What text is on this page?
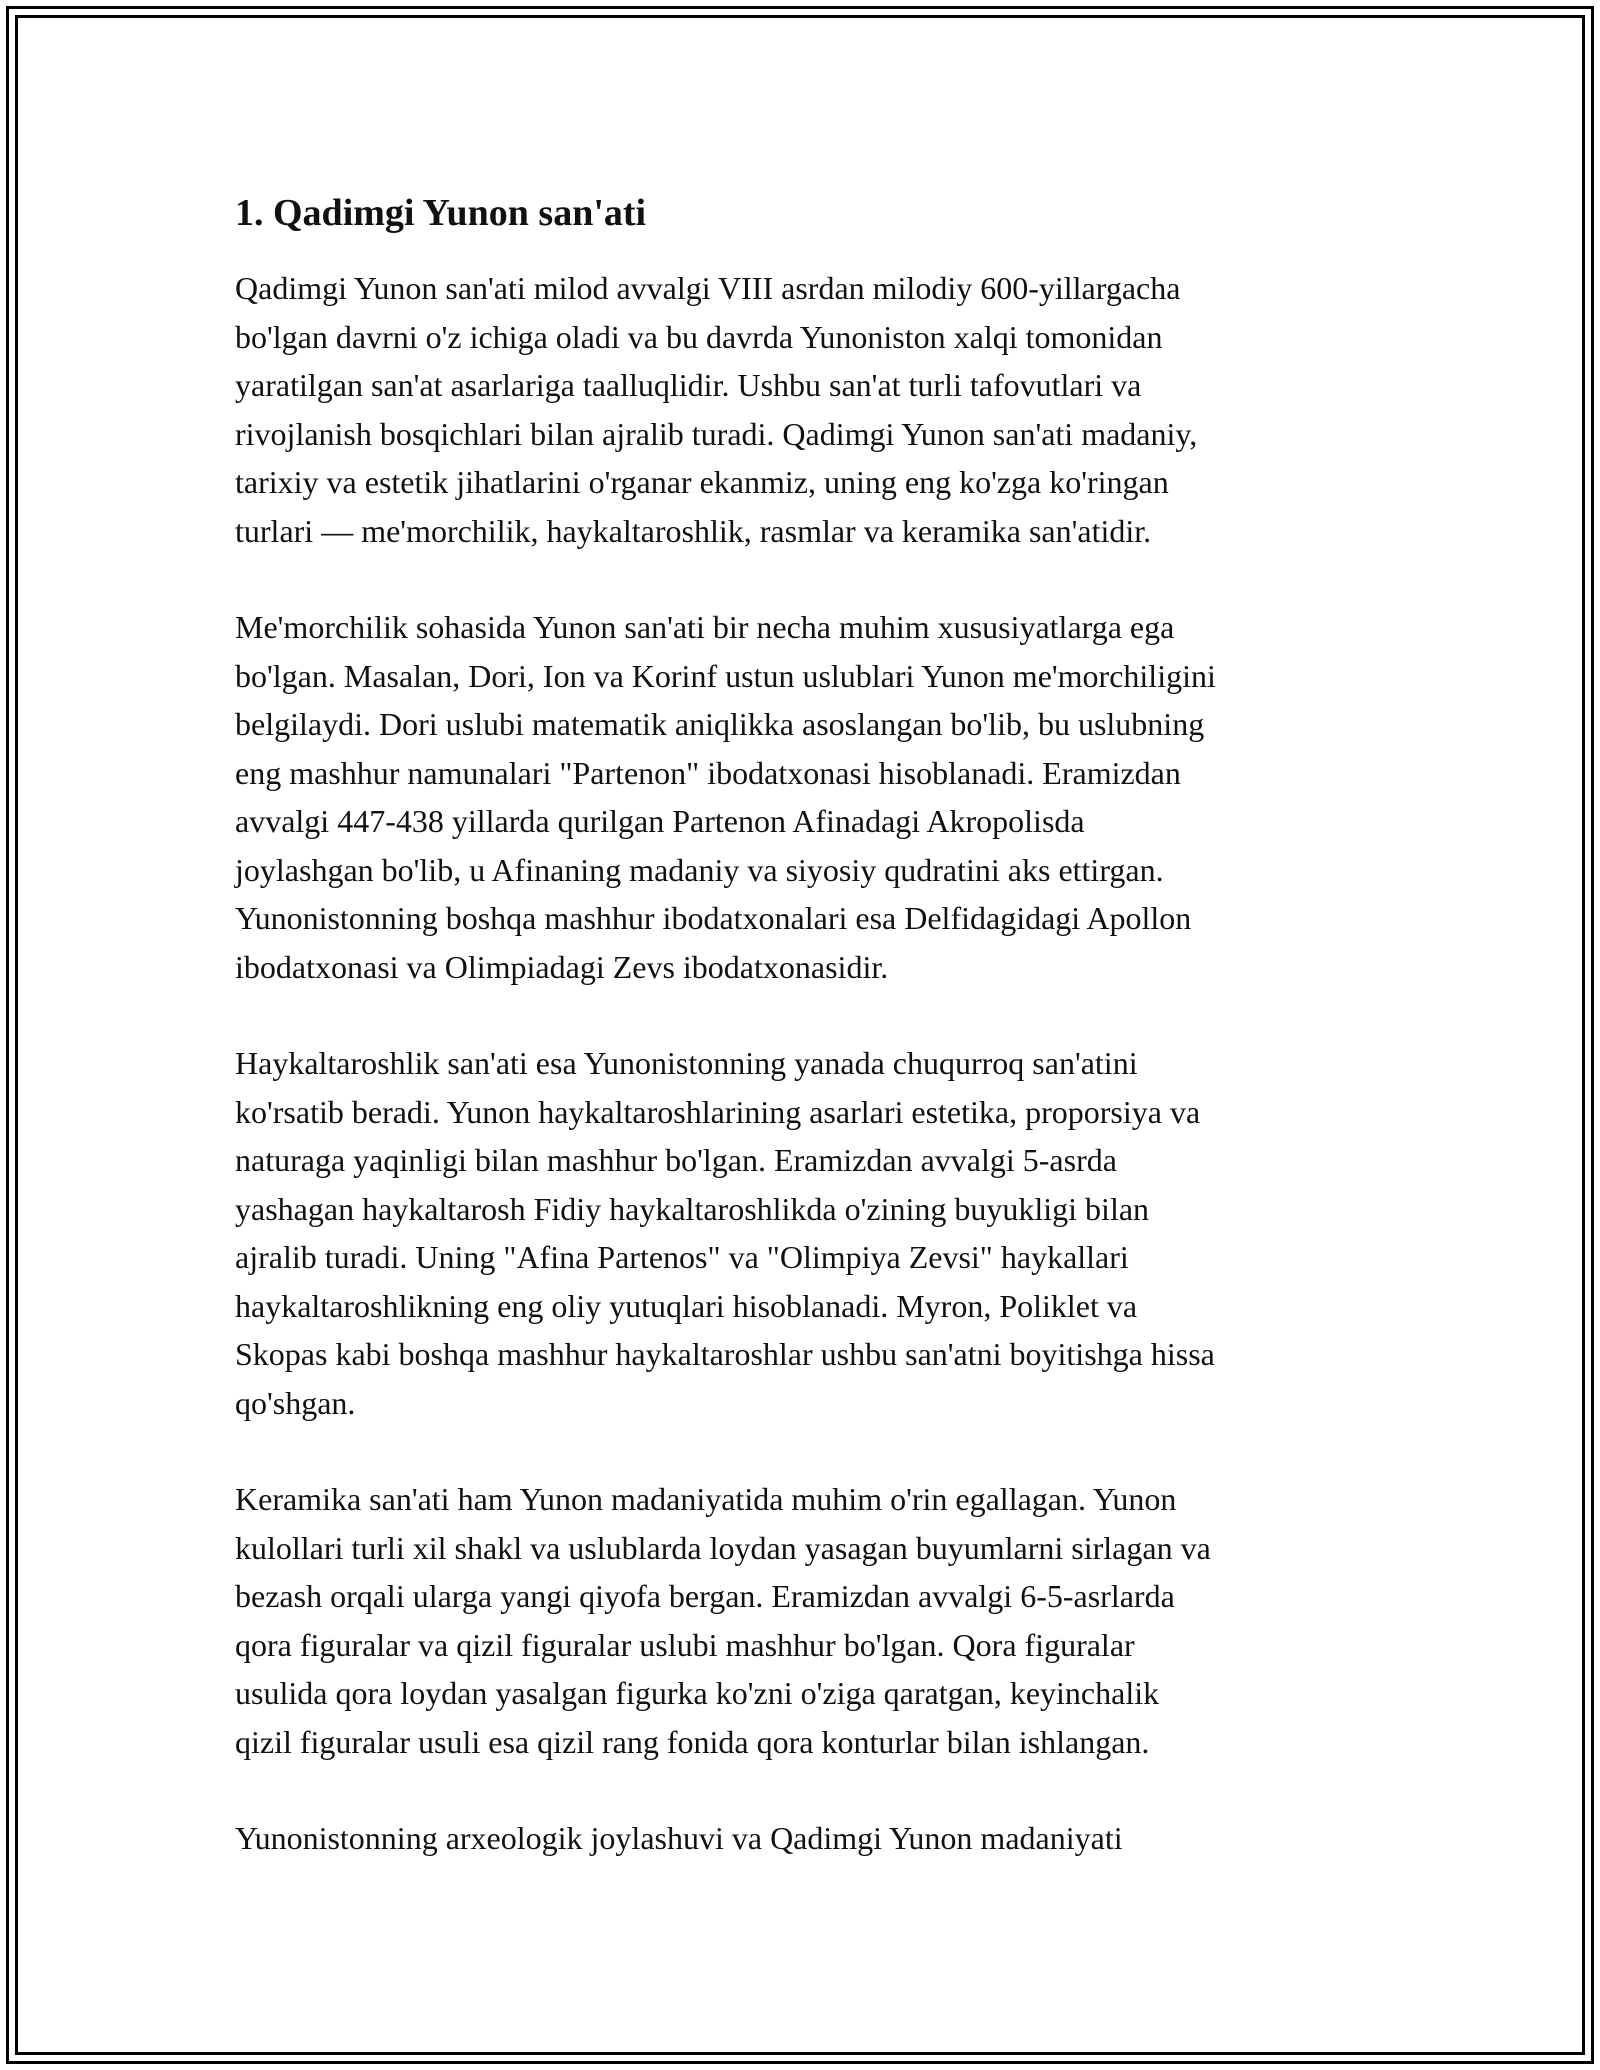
1. Qadimgi Yunon san'ati
Qadimgi Yunon san'ati milod avvalgi VIII asrdan milodiy 600-yillargacha
bo'lgan davrni o'z ichiga oladi va bu davrda Yunoniston xalqi tomonidan
yaratilgan san'at asarlariga taalluqlidir. Ushbu san'at turli tafovutlari va
rivojlanish bosqichlari bilan ajralib turadi. Qadimgi Yunon san'ati madaniy,
tarixiy va estetik jihatlarini o'rganar ekanmiz, uning eng ko'zga ko'ringan
turlari — me'morchilik, haykaltaroshlik, rasmlar va keramika san'atidir.
Me'morchilik sohasida Yunon san'ati bir necha muhim xususiyatlarga ega
bo'lgan. Masalan, Dori, Ion va Korinf ustun uslublari Yunon me'morchiligini
belgilaydi. Dori uslubi matematik aniqlikka asoslangan bo'lib, bu uslubning
eng mashhur namunalari "Partenon" ibodatxonasi hisoblanadi. Eramizdan
avvalgi 447-438 yillarda qurilgan Partenon Afinadagi Akropolisda
joylashgan bo'lib, u Afinaning madaniy va siyosiy qudratini aks ettirgan.
Yunonistonning boshqa mashhur ibodatxonalari esa Delfidagidagi Apollon
ibodatxonasi va Olimpiadagi Zevs ibodatxonasidir.
Haykaltaroshlik san'ati esa Yunonistonning yanada chuqurroq san'atini
ko'rsatib beradi. Yunon haykaltaroshlarining asarlari estetika, proporsiya va
naturaga yaqinligi bilan mashhur bo'lgan. Eramizdan avvalgi 5-asrda
yashagan haykaltarosh Fidiy haykaltaroshlikda o'zining buyukligi bilan
ajralib turadi. Uning "Afina Partenos" va "Olimpiya Zevsi" haykallari
haykaltaroshlikning eng oliy yutuqlari hisoblanadi. Myron, Poliklet va
Skopas kabi boshqa mashhur haykaltaroshlar ushbu san'atni boyitishga hissa
qo'shgan.
Keramika san'ati ham Yunon madaniyatida muhim o'rin egallagan. Yunon
kulollari turli xil shakl va uslublarda loydan yasagan buyumlarni sirlagan va
bezash orqali ularga yangi qiyofa bergan. Eramizdan avvalgi 6-5-asrlarda
qora figuralar va qizil figuralar uslubi mashhur bo'lgan. Qora figuralar
usulida qora loydan yasalgan figurka ko'zni o'ziga qaratgan, keyinchalik
qizil figuralar usuli esa qizil rang fonida qora konturlar bilan ishlangan.
Yunonistonning arxeologik joylashuvi va Qadimgi Yunon madaniyati
